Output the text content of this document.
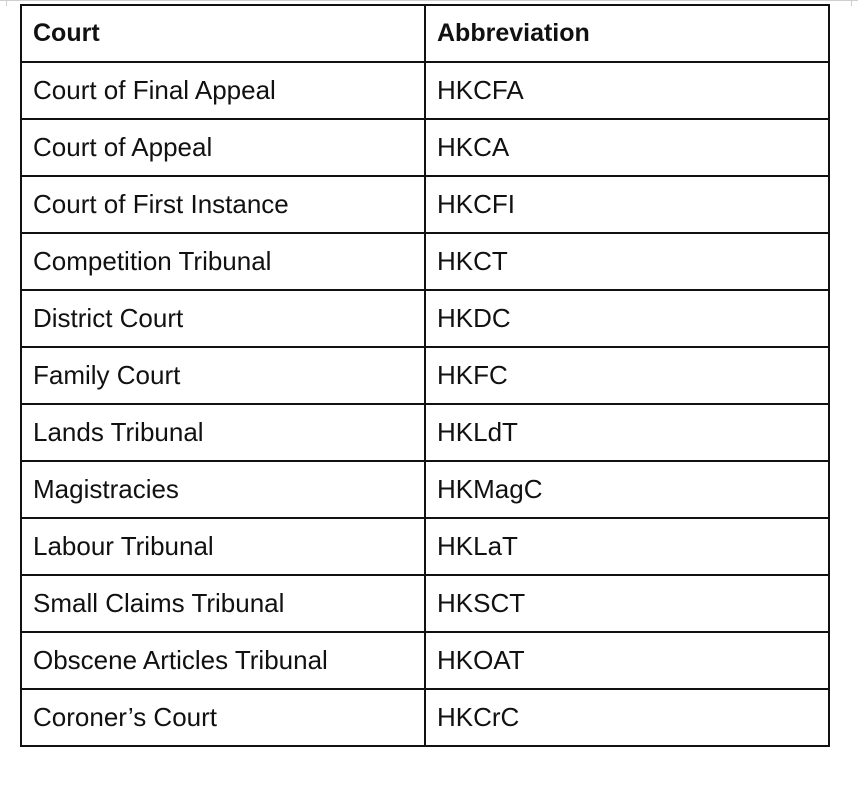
Court	Abbreviation
Court of Final Appeal	HKCFA
Court of Appeal	HKCA
Court of First Instance	HKCFI
Competition Tribunal	HKCT
District Court	HKDC
Family Court	HKFC
Lands Tribunal	HKLdT
Magistracies	HKMagC
Labour Tribunal	HKLaT
Small Claims Tribunal	HKSCT
Obscene Articles Tribunal	HKOAT
Coroner’s Court	HKCrC
